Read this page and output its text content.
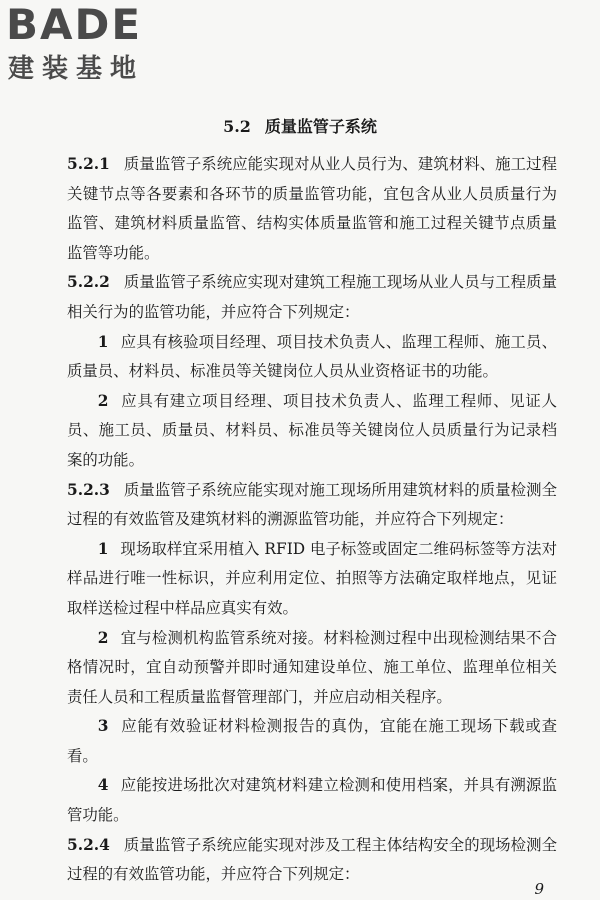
BADE
建装基地
5.2 质量监管子系统

5.2.1 质量监管子系统应能实现对从业人员行为、建筑材料、施工过程关键节点等各要素和各环节的质量监管功能，宜包含从业人员质量行为监管、建筑材料质量监管、结构实体质量监管和施工过程关键节点质量监管等功能。

5.2.2 质量监管子系统应实现对建筑工程施工现场从业人员与工程质量相关行为的监管功能，并应符合下列规定：

1 应具有核验项目经理、项目技术负责人、监理工程师、施工员、质量员、材料员、标准员等关键岗位人员从业资格证书的功能。

2 应具有建立项目经理、项目技术负责人、监理工程师、见证人员、施工员、质量员、材料员、标准员等关键岗位人员质量行为记录档案的功能。

5.2.3 质量监管子系统应能实现对施工现场所用建筑材料的质量检测全过程的有效监管及建筑材料的溯源监管功能，并应符合下列规定：

1 现场取样宜采用植入 RFID 电子标签或固定二维码标签等方法对样品进行唯一性标识，并应利用定位、拍照等方法确定取样地点，见证取样送检过程中样品应真实有效。

2 宜与检测机构监管系统对接。材料检测过程中出现检测结果不合格情况时，宜自动预警并即时通知建设单位、施工单位、监理单位相关责任人员和工程质量监督管理部门，并应启动相关程序。

3 应能有效验证材料检测报告的真伪，宜能在施工现场下载或查看。

4 应能按进场批次对建筑材料建立检测和使用档案，并具有溯源监管功能。

5.2.4 质量监管子系统应能实现对涉及工程主体结构安全的现场检测全过程的有效监管功能，并应符合下列规定：

9
